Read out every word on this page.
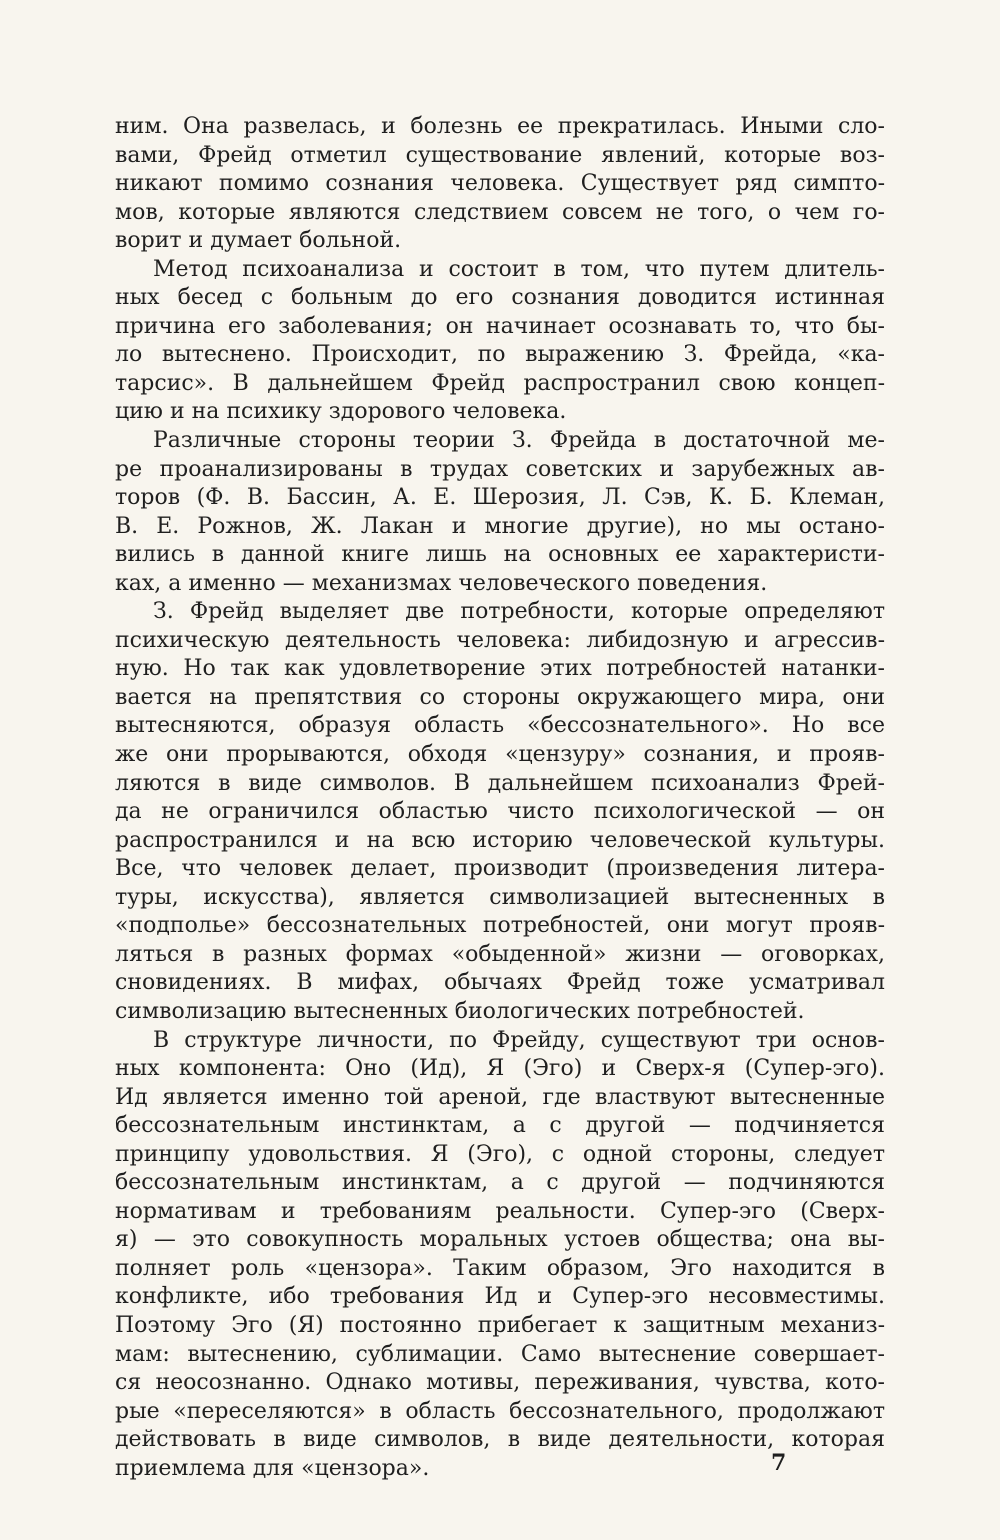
ним. Она развелась, и болезнь ее прекратилась. Иными сло-
вами, Фрейд отметил существование явлений, которые воз-
никают помимо сознания человека. Существует ряд симпто-
мов, которые являются следствием совсем не того, о чем го-
ворит и думает больной.
Метод психоанализа и состоит в том, что путем длитель-
ных бесед с больным до его сознания доводится истинная
причина его заболевания; он начинает осознавать то, что бы-
ло вытеснено. Происходит, по выражению З. Фрейда, «ка-
тарсис». В дальнейшем Фрейд распространил свою концеп-
цию и на психику здорового человека.
Различные стороны теории З. Фрейда в достаточной ме-
ре проанализированы в трудах советских и зарубежных ав-
торов (Ф. В. Бассин, А. Е. Шерозия, Л. Сэв, К. Б. Клеман,
В. Е. Рожнов, Ж. Лакан и многие другие), но мы остано-
вились в данной книге лишь на основных ее характеристи-
ках, а именно — механизмах человеческого поведения.
З. Фрейд выделяет две потребности, которые определяют
психическую деятельность человека: либидозную и агрессив-
ную. Но так как удовлетворение этих потребностей натанки-
вается на препятствия со стороны окружающего мира, они
вытесняются, образуя область «бессознательного». Но все
же они прорываются, обходя «цензуру» сознания, и прояв-
ляются в виде символов. В дальнейшем психоанализ Фрей-
да не ограничился областью чисто психологической — он
распространился и на всю историю человеческой культуры.
Все, что человек делает, производит (произведения литера-
туры, искусства), является символизацией вытесненных в
«подполье» бессознательных потребностей, они могут прояв-
ляться в разных формах «обыденной» жизни — оговорках,
сновидениях. В мифах, обычаях Фрейд тоже усматривал
символизацию вытесненных биологических потребностей.
В структуре личности, по Фрейду, существуют три основ-
ных компонента: Оно (Ид), Я (Эго) и Сверх-я (Супер-эго).
Ид является именно той ареной, где властвуют вытесненные
бессознательным инстинктам, а с другой — подчиняется
принципу удовольствия. Я (Эго), с одной стороны, следует
бессознательным инстинктам, а с другой — подчиняются
нормативам и требованиям реальности. Супер-эго (Сверх-
я) — это совокупность моральных устоев общества; она вы-
полняет роль «цензора». Таким образом, Эго находится в
конфликте, ибо требования Ид и Супер-эго несовместимы.
Поэтому Эго (Я) постоянно прибегает к защитным механиз-
мам: вытеснению, сублимации. Само вытеснение совершает-
ся неосознанно. Однако мотивы, переживания, чувства, кото-
рые «переселяются» в область бессознательного, продолжают
действовать в виде символов, в виде деятельности, которая
приемлема для «цензора».	7
